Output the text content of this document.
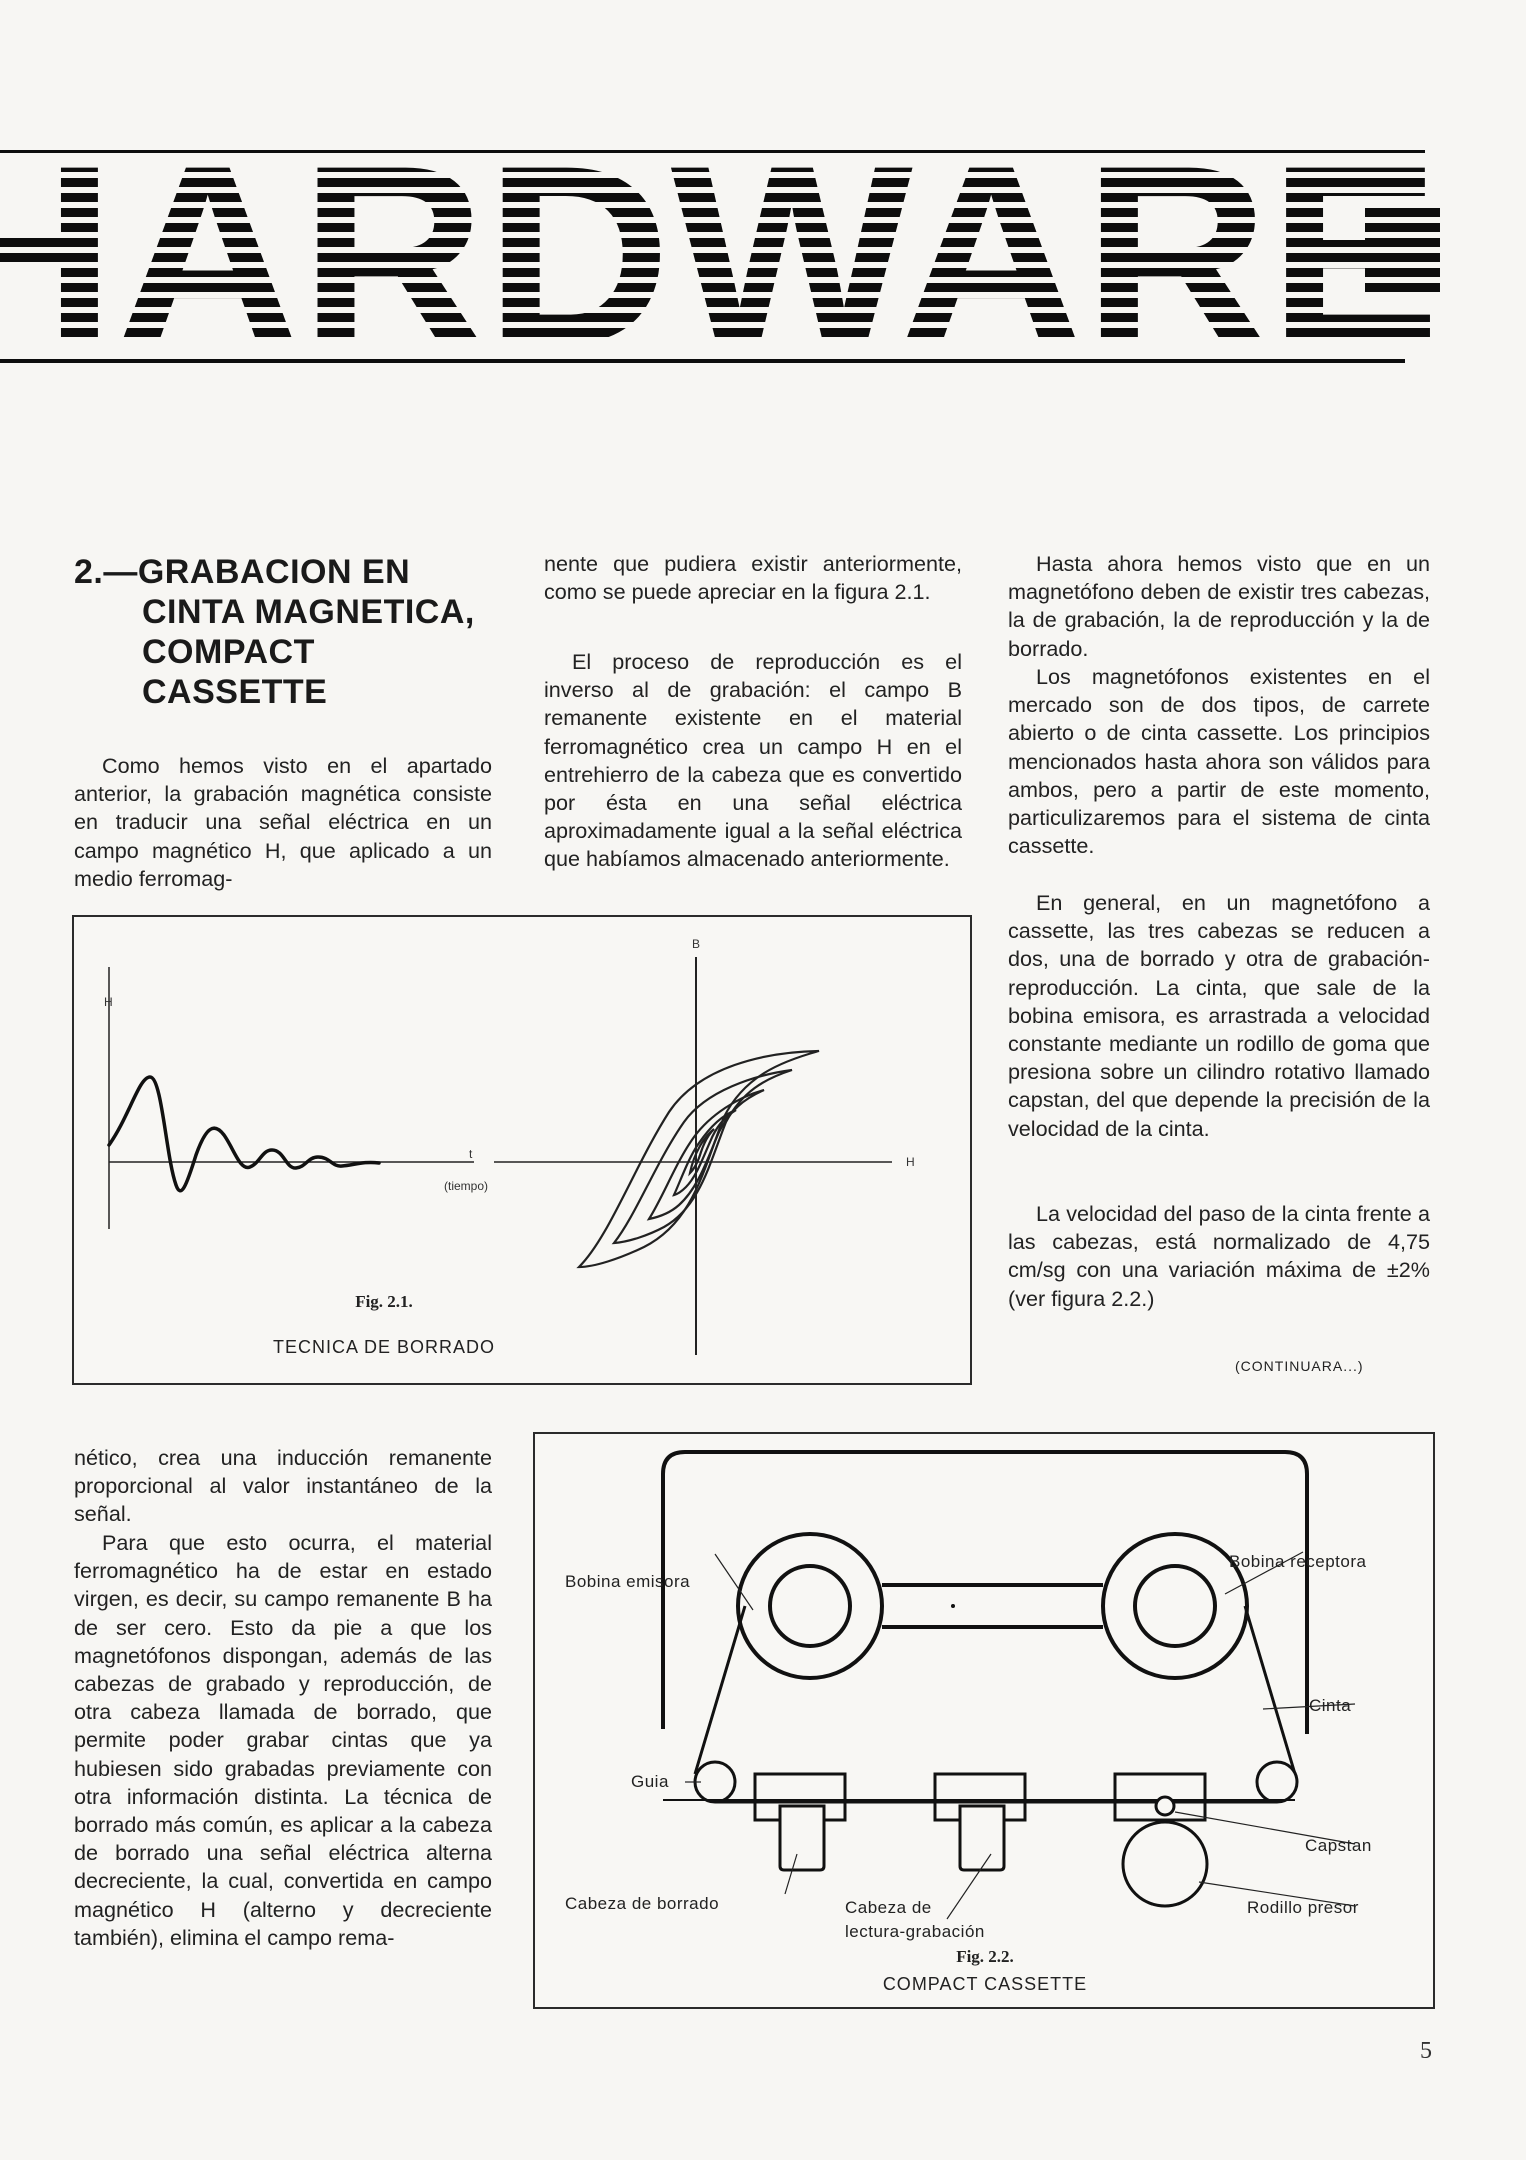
2.—GRABACION EN
CINTA MAGNETICA,
COMPACT
CASSETTE

Como hemos visto en el apartado anterior, la grabación magnética consiste en traducir una señal eléctrica en un campo magnético H, que aplicado a un medio ferromag-

nente que pudiera existir anteriormente, como se puede apreciar en la figura 2.1.

El proceso de reproducción es el inverso al de grabación: el campo B remanente existente en el material ferromagnético crea un campo H en el entrehierro de la cabeza que es convertido por ésta en una señal eléctrica aproximadamente igual a la señal eléctrica que habíamos almacenado anteriormente.

Hasta ahora hemos visto que en un magnetófono deben de existir tres cabezas, la de grabación, la de reproducción y la de borrado.

Los magnetófonos existentes en el mercado son de dos tipos, de carrete abierto o de cinta cassette. Los principios mencionados hasta ahora son válidos para ambos, pero a partir de este momento, particulizaremos para el sistema de cinta cassette.

En general, en un magnetófono a cassette, las tres cabezas se reducen a dos, una de borrado y otra de grabación-reproducción. La cinta, que sale de la bobina emisora, es arrastrada a velocidad constante mediante un rodillo de goma que presiona sobre un cilindro rotativo llamado capstan, del que depende la precisión de la velocidad de la cinta.

La velocidad del paso de la cinta frente a las cabezas, está normalizado de 4,75 cm/sg con una variación máxima de ±2% (ver figura 2.2.)

(CONTINUARA...)
H
t
(tiempo)
B
H
Fig. 2.1.
TECNICA DE BORRADO

nético, crea una inducción remanente proporcional al valor instantáneo de la señal.

Para que esto ocurra, el material ferromagnético ha de estar en estado virgen, es decir, su campo remanente B ha de ser cero. Esto da pie a que los magnetófonos dispongan, además de las cabezas de grabado y reproducción, de otra cabeza llamada de borrado, que permite poder grabar cintas que ya hubiesen sido grabadas previamente con otra información distinta. La técnica de borrado más común, es aplicar a la cabeza de borrado una señal eléctrica alterna decreciente, la cual, convertida en campo magnético H (alterno y decreciente también), elimina el campo rema-

Bobina emisora
Bobina receptora
Cinta
Guia
Capstan
Cabeza de borrado	Cabeza de
lectura-grabación
Rodillo presor
Fig. 2.2.
COMPACT CASSETTE
5
